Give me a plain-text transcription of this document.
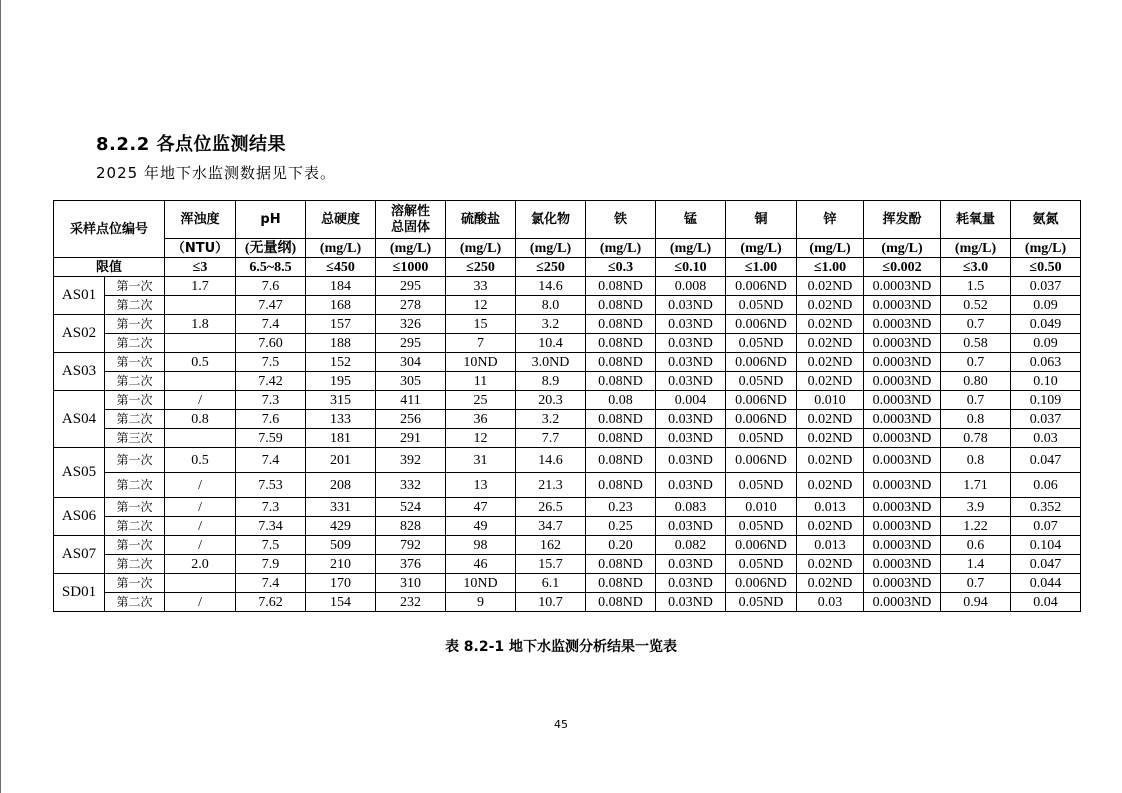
8.2.2 各点位监测结果
2025 年地下水监测数据见下表。
采样点位编号		浑浊度	pH	总硬度	溶解性总固体	硫酸盐	氯化物	铁	锰	铜	锌	挥发酚	耗氧量	氨氮
		（NTU）	(无量纲)	(mg/L)	(mg/L)	(mg/L)	(mg/L)	(mg/L)	(mg/L)	(mg/L)	(mg/L)	(mg/L)	(mg/L)	(mg/L)
限值		≤3	6.5~8.5	≤450	≤1000	≤250	≤250	≤0.3	≤0.10	≤1.00	≤1.00	≤0.002	≤3.0	≤0.50
AS01	第一次	1.7	7.6	184	295	33	14.6	0.08ND	0.008	0.006ND	0.02ND	0.0003ND	1.5	0.037
	第二次		7.47	168	278	12	8.0	0.08ND	0.03ND	0.05ND	0.02ND	0.0003ND	0.52	0.09
AS02	第一次	1.8	7.4	157	326	15	3.2	0.08ND	0.03ND	0.006ND	0.02ND	0.0003ND	0.7	0.049
	第二次		7.60	188	295	7	10.4	0.08ND	0.03ND	0.05ND	0.02ND	0.0003ND	0.58	0.09
AS03	第一次	0.5	7.5	152	304	10ND	3.0ND	0.08ND	0.03ND	0.006ND	0.02ND	0.0003ND	0.7	0.063
	第二次		7.42	195	305	11	8.9	0.08ND	0.03ND	0.05ND	0.02ND	0.0003ND	0.80	0.10
AS04	第一次	/	7.3	315	411	25	20.3	0.08	0.004	0.006ND	0.010	0.0003ND	0.7	0.109
	第二次	0.8	7.6	133	256	36	3.2	0.08ND	0.03ND	0.006ND	0.02ND	0.0003ND	0.8	0.037
	第三次		7.59	181	291	12	7.7	0.08ND	0.03ND	0.05ND	0.02ND	0.0003ND	0.78	0.03
AS05	第一次	0.5	7.4	201	392	31	14.6	0.08ND	0.03ND	0.006ND	0.02ND	0.0003ND	0.8	0.047
	第二次	/	7.53	208	332	13	21.3	0.08ND	0.03ND	0.05ND	0.02ND	0.0003ND	1.71	0.06
AS06	第一次	/	7.3	331	524	47	26.5	0.23	0.083	0.010	0.013	0.0003ND	3.9	0.352
	第二次	/	7.34	429	828	49	34.7	0.25	0.03ND	0.05ND	0.02ND	0.0003ND	1.22	0.07
AS07	第一次	/	7.5	509	792	98	162	0.20	0.082	0.006ND	0.013	0.0003ND	0.6	0.104
	第二次	2.0	7.9	210	376	46	15.7	0.08ND	0.03ND	0.05ND	0.02ND	0.0003ND	1.4	0.047
SD01	第一次		7.4	170	310	10ND	6.1	0.08ND	0.03ND	0.006ND	0.02ND	0.0003ND	0.7	0.044
	第二次	/	7.62	154	232	9	10.7	0.08ND	0.03ND	0.05ND	0.03	0.0003ND	0.94	0.04
表 8.2-1 地下水监测分析结果一览表
45
